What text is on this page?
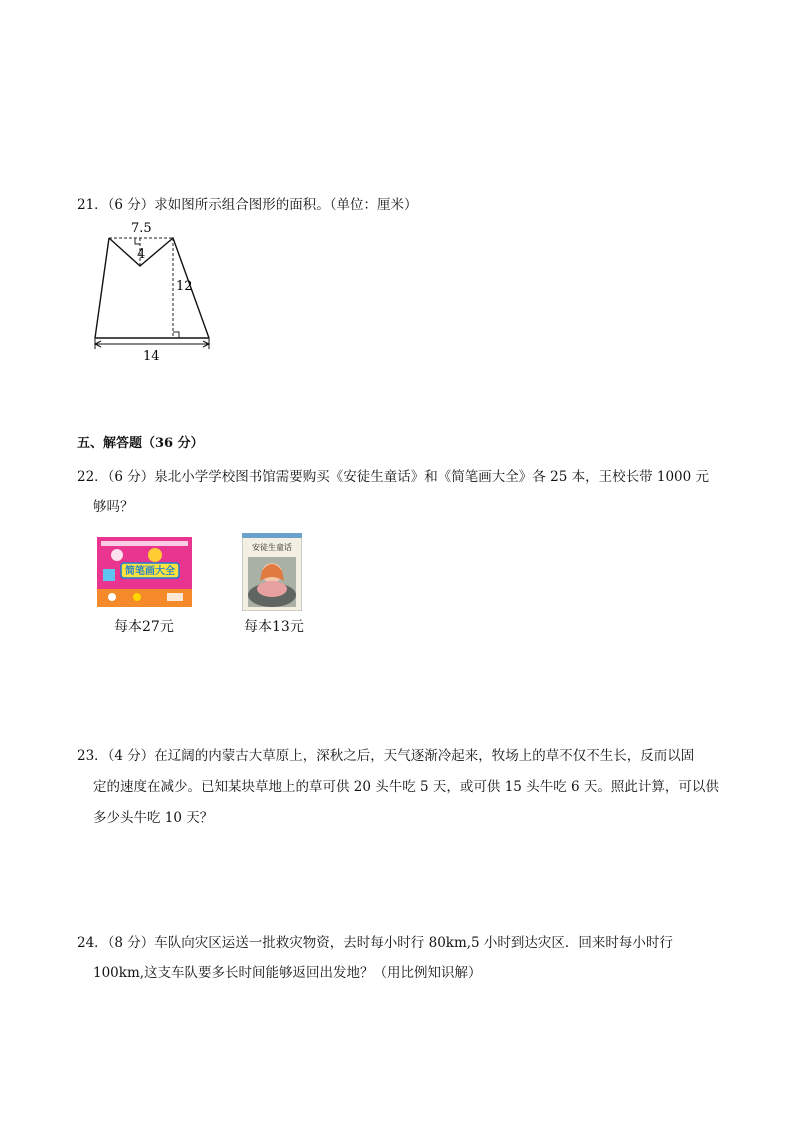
21．（6 分）求如图所示组合图形的面积。（单位：厘米）
7.5
4
12
14
五、解答题（36 分）
22．（6 分）泉北小学学校图书馆需要购买《安徒生童话》和《简笔画大全》各 25 本，王校长带 1000 元
够吗？
简笔画大全
每本27元
安徒生童话
每本13元
23．（4 分）在辽阔的内蒙古大草原上，深秋之后，天气逐渐冷起来，牧场上的草不仅不生长，反而以固
定的速度在减少。已知某块草地上的草可供 20 头牛吃 5 天，或可供 15 头牛吃 6 天。照此计算，可以供
多少头牛吃 10 天？
24．（8 分）车队向灾区运送一批救灾物资，去时每小时行 80km,5 小时到达灾区．回来时每小时行
100km,这支车队要多长时间能够返回出发地？（用比例知识解）
